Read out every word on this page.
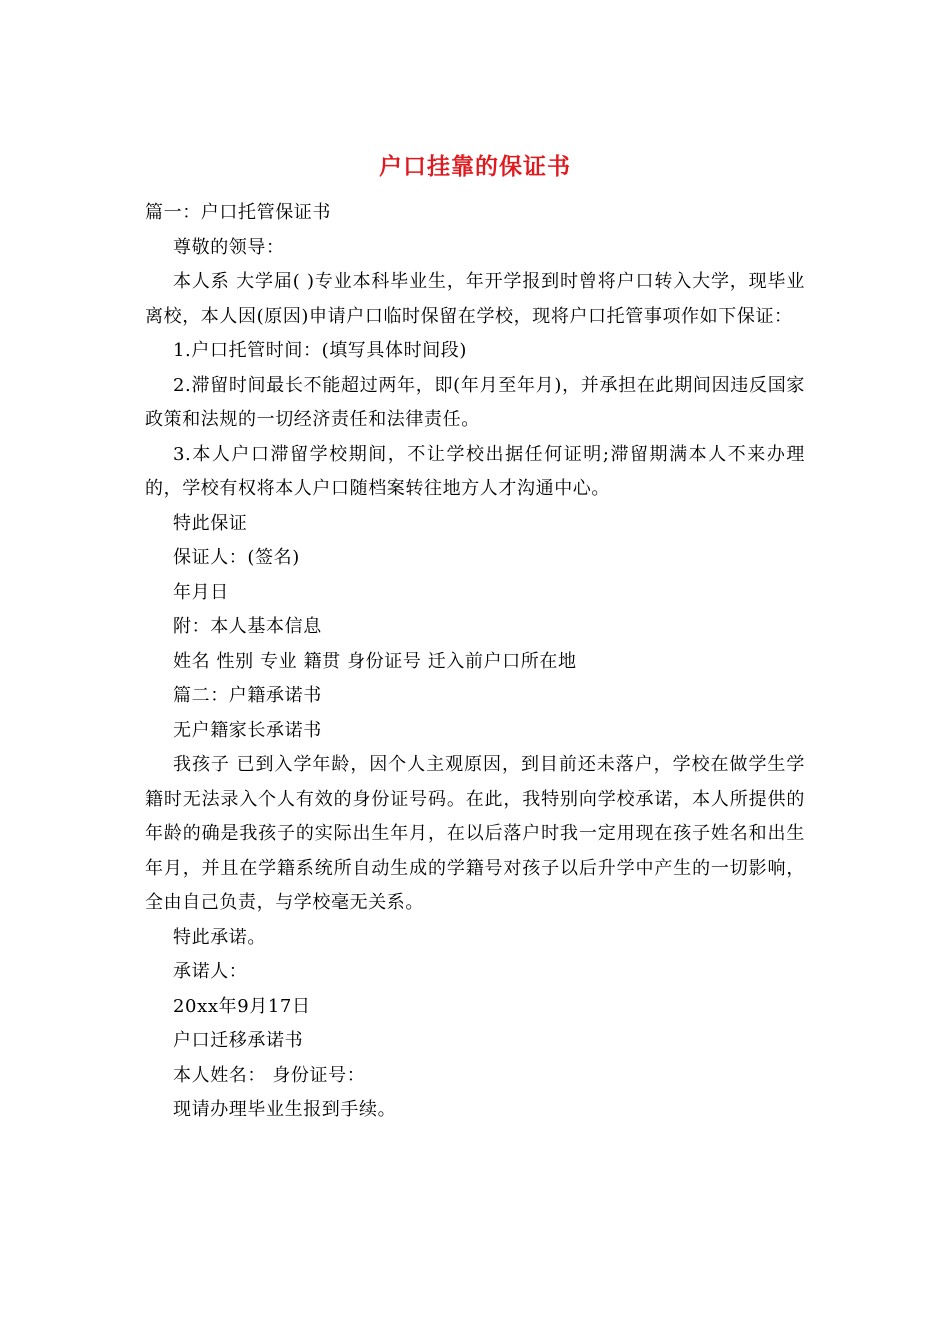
户口挂靠的保证书

篇一：户口托管保证书

尊敬的领导：

本人系 大学届( )专业本科毕业生，年开学报到时曾将户口转入大学，现毕业离校，本人因(原因)申请户口临时保留在学校，现将户口托管事项作如下保证：

1.户口托管时间：(填写具体时间段)

2.滞留时间最长不能超过两年，即(年月至年月)，并承担在此期间因违反国家政策和法规的一切经济责任和法律责任。

3.本人户口滞留学校期间，不让学校出据任何证明;滞留期满本人不来办理的，学校有权将本人户口随档案转往地方人才沟通中心。

特此保证

保证人：(签名)

年月日

附：本人基本信息

姓名 性别 专业 籍贯 身份证号 迁入前户口所在地

篇二：户籍承诺书

无户籍家长承诺书

我孩子 已到入学年龄，因个人主观原因，到目前还未落户，学校在做学生学籍时无法录入个人有效的身份证号码。在此，我特别向学校承诺，本人所提供的年龄的确是我孩子的实际出生年月，在以后落户时我一定用现在孩子姓名和出生年月，并且在学籍系统所自动生成的学籍号对孩子以后升学中产生的一切影响，全由自己负责，与学校毫无关系。

特此承诺。

承诺人：

20xx年9月17日

户口迁移承诺书

本人姓名： 身份证号：

现请办理毕业生报到手续。
